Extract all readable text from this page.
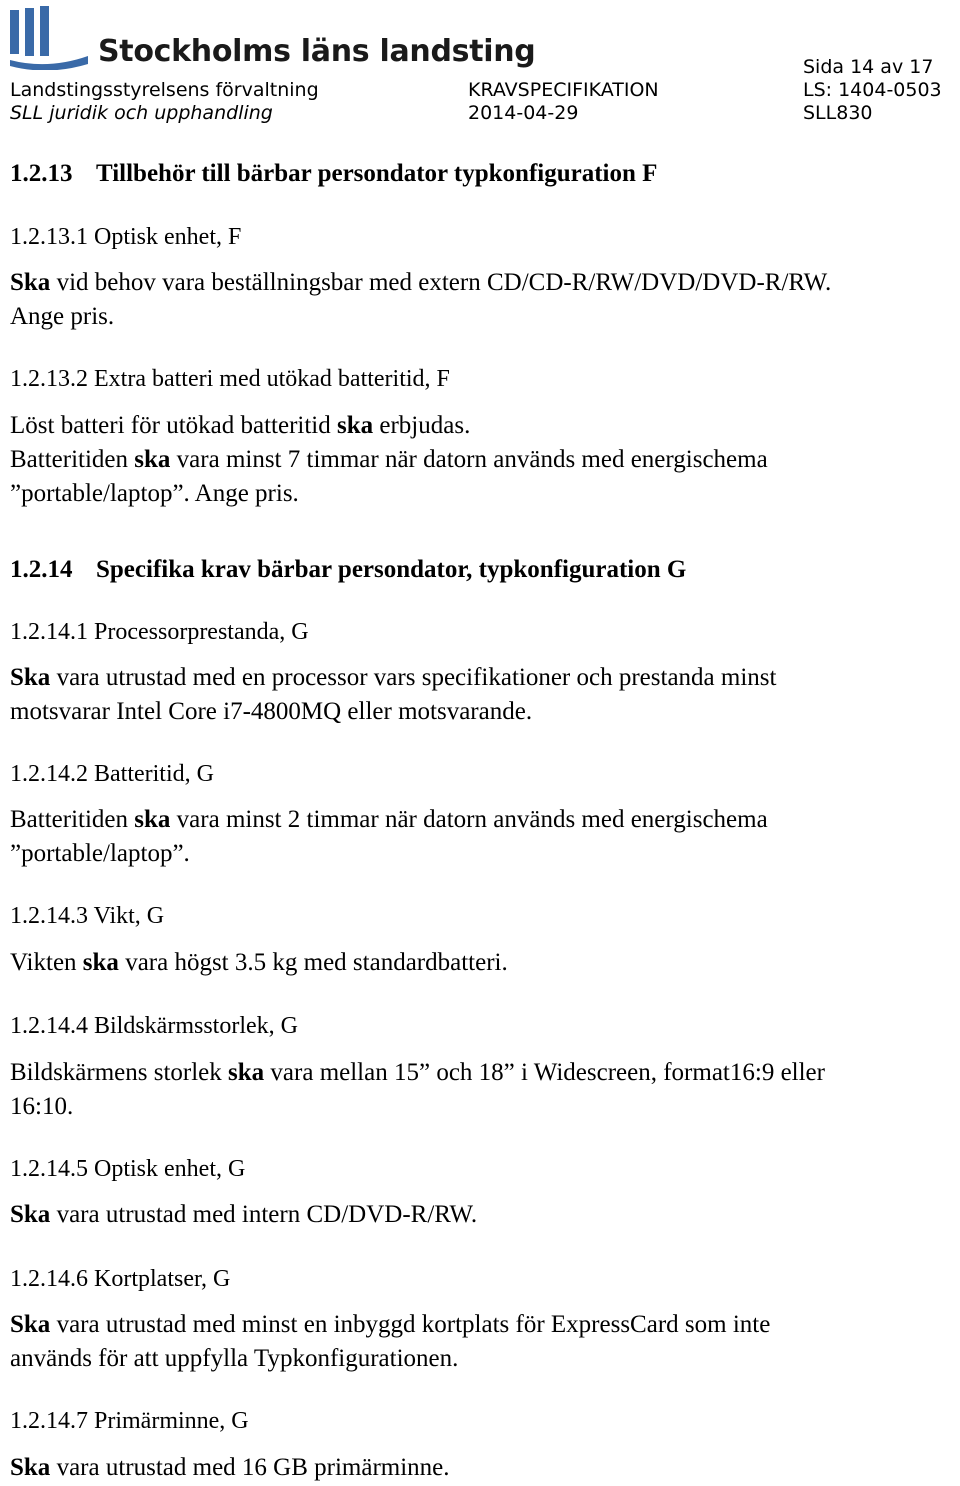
Stockholms läns landsting	Sida 14 av 17
Landstingsstyrelsens förvaltning	KRAVSPECIFIKATION	LS: 1404-0503
SLL juridik och upphandling	2014-04-29	SLL830
1.2.13 Tillbehör till bärbar persondator typkonfiguration F
1.2.13.1 Optisk enhet, F
Ska vid behov vara beställningsbar med extern CD/CD-R/RW/DVD/DVD-R/RW.
Ange pris.
1.2.13.2 Extra batteri med utökad batteritid, F
Löst batteri för utökad batteritid ska erbjudas.
Batteritiden ska vara minst 7 timmar när datorn används med energischema
”portable/laptop”. Ange pris.
1.2.14 Specifika krav bärbar persondator, typkonfiguration G
1.2.14.1 Processorprestanda, G
Ska vara utrustad med en processor vars specifikationer och prestanda minst
motsvarar Intel Core i7-4800MQ eller motsvarande.
1.2.14.2 Batteritid, G
Batteritiden ska vara minst 2 timmar när datorn används med energischema
”portable/laptop”.
1.2.14.3 Vikt, G
Vikten ska vara högst 3.5 kg med standardbatteri.
1.2.14.4 Bildskärmsstorlek, G
Bildskärmens storlek ska vara mellan 15” och 18” i Widescreen, format16:9 eller
16:10.
1.2.14.5 Optisk enhet, G
Ska vara utrustad med intern CD/DVD-R/RW.
1.2.14.6 Kortplatser, G
Ska vara utrustad med minst en inbyggd kortplats för ExpressCard som inte
används för att uppfylla Typkonfigurationen.
1.2.14.7 Primärminne, G
Ska vara utrustad med 16 GB primärminne.
